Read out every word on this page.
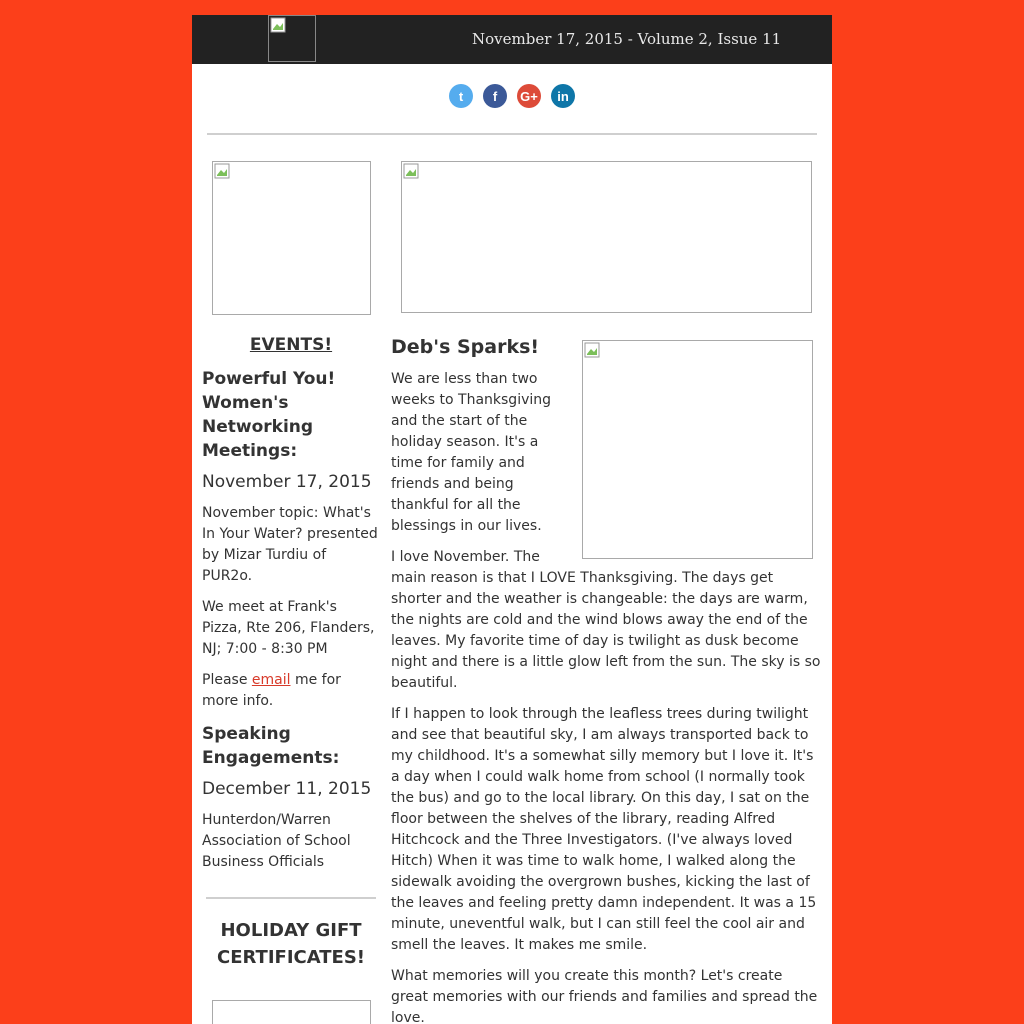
November 17, 2015 - Volume 2, Issue 11
t	f	G+	in
EVENTS!
Powerful You! Women's Networking Meetings:
November 17, 2015
November topic: What's In Your Water? presented by Mizar Turdiu of PUR2o.
We meet at Frank's Pizza, Rte 206, Flanders, NJ; 7:00 - 8:30 PM
Please email me for more info.
Speaking Engagements:
December 11, 2015
Hunterdon/Warren Association of School Business Officials
HOLIDAY GIFT CERTIFICATES!
Deb's Sparks!
We are less than two weeks to Thanksgiving and the start of the holiday season. It's a time for family and friends and being thankful for all the blessings in our lives.
I love November. The main reason is that I LOVE Thanksgiving. The days get shorter and the weather is changeable: the days are warm, the nights are cold and the wind blows away the end of the leaves. My favorite time of day is twilight as dusk become night and there is a little glow left from the sun. The sky is so beautiful.
If I happen to look through the leafless trees during twilight and see that beautiful sky, I am always transported back to my childhood. It's a somewhat silly memory but I love it. It's a day when I could walk home from school (I normally took the bus) and go to the local library. On this day, I sat on the floor between the shelves of the library, reading Alfred Hitchcock and the Three Investigators. (I've always loved Hitch) When it was time to walk home, I walked along the sidewalk avoiding the overgrown bushes, kicking the last of the leaves and feeling pretty damn independent. It was a 15 minute, uneventful walk, but I can still feel the cool air and smell the leaves. It makes me smile.
What memories will you create this month? Let's create great memories with our friends and families and spread the love.
